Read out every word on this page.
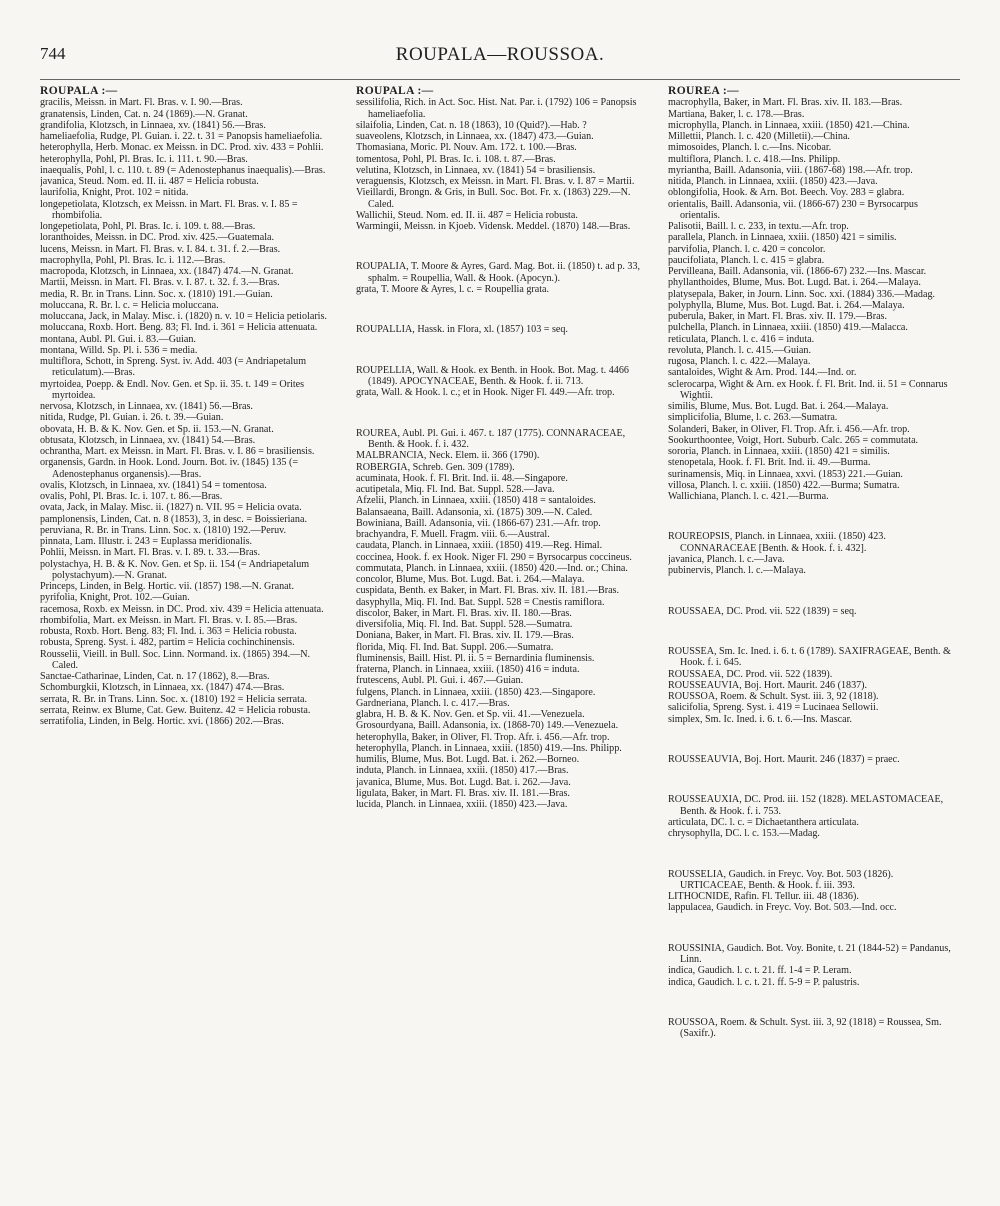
744	ROUPALA—ROUSSOA.

ROUPALA :—

gracilis, Meissn. in Mart. Fl. Bras. v. I. 90.—Bras.

granatensis, Linden, Cat. n. 24 (1869).—N. Granat.

grandifolia, Klotzsch, in Linnaea, xv. (1841) 56.—Bras.

hameliaefolia, Rudge, Pl. Guian. i. 22. t. 31 = Panopsis hameliaefolia.

heterophylla, Herb. Monac. ex Meissn. in DC. Prod. xiv. 433 = Pohlii.

heterophylla, Pohl, Pl. Bras. Ic. i. 111. t. 90.—Bras.

inaequalis, Pohl, l. c. 110. t. 89 (= Adenostephanus inaequalis).—Bras.

javanica, Steud. Nom. ed. II. ii. 487 = Helicia robusta.

laurifolia, Knight, Prot. 102 = nitida.

longepetiolata, Klotzsch, ex Meissn. in Mart. Fl. Bras. v. I. 85 = rhombifolia.

longepetiolata, Pohl, Pl. Bras. Ic. i. 109. t. 88.—Bras.

loranthoides, Meissn. in DC. Prod. xiv. 425.—Guatemala.

lucens, Meissn. in Mart. Fl. Bras. v. I. 84. t. 31. f. 2.—Bras.

macrophylla, Pohl, Pl. Bras. Ic. i. 112.—Bras.

macropoda, Klotzsch, in Linnaea, xx. (1847) 474.—N. Granat.

Martii, Meissn. in Mart. Fl. Bras. v. I. 87. t. 32. f. 3.—Bras.

media, R. Br. in Trans. Linn. Soc. x. (1810) 191.—Guian.

moluccana, R. Br. l. c. = Helicia moluccana.

moluccana, Jack, in Malay. Misc. i. (1820) n. v. 10 = Helicia petiolaris.

moluccana, Roxb. Hort. Beng. 83; Fl. Ind. i. 361 = Helicia attenuata.

montana, Aubl. Pl. Gui. i. 83.—Guian.

montana, Willd. Sp. Pl. i. 536 = media.

multiflora, Schott, in Spreng. Syst. iv. Add. 403 (= Andriapetalum reticulatum).—Bras.

myrtoidea, Poepp. & Endl. Nov. Gen. et Sp. ii. 35. t. 149 = Orites myrtoidea.

nervosa, Klotzsch, in Linnaea, xv. (1841) 56.—Bras.

nitida, Rudge, Pl. Guian. i. 26. t. 39.—Guian.

obovata, H. B. & K. Nov. Gen. et Sp. ii. 153.—N. Granat.

obtusata, Klotzsch, in Linnaea, xv. (1841) 54.—Bras.

ochrantha, Mart. ex Meissn. in Mart. Fl. Bras. v. I. 86 = brasiliensis.

organensis, Gardn. in Hook. Lond. Journ. Bot. iv. (1845) 135 (= Adenostephanus organensis).—Bras.

ovalis, Klotzsch, in Linnaea, xv. (1841) 54 = tomentosa.

ovalis, Pohl, Pl. Bras. Ic. i. 107. t. 86.—Bras.

ovata, Jack, in Malay. Misc. ii. (1827) n. VII. 95 = Helicia ovata.

pamplonensis, Linden, Cat. n. 8 (1853), 3, in desc. = Boissieriana.

peruviana, R. Br. in Trans. Linn. Soc. x. (1810) 192.—Peruv.

pinnata, Lam. Illustr. i. 243 = Euplassa meridionalis.

Pohlii, Meissn. in Mart. Fl. Bras. v. I. 89. t. 33.—Bras.

polystachya, H. B. & K. Nov. Gen. et Sp. ii. 154 (= Andriapetalum polystachyum).—N. Granat.

Princeps, Linden, in Belg. Hortic. vii. (1857) 198.—N. Granat.

pyrifolia, Knight, Prot. 102.—Guian.

racemosa, Roxb. ex Meissn. in DC. Prod. xiv. 439 = Helicia attenuata.

rhombifolia, Mart. ex Meissn. in Mart. Fl. Bras. v. I. 85.—Bras.

robusta, Roxb. Hort. Beng. 83; Fl. Ind. i. 363 = Helicia robusta.

robusta, Spreng. Syst. i. 482, partim = Helicia cochinchinensis.

Rousselii, Vieill. in Bull. Soc. Linn. Normand. ix. (1865) 394.—N. Caled.

Sanctae-Catharinae, Linden, Cat. n. 17 (1862), 8.—Bras.

Schomburgkii, Klotzsch, in Linnaea, xx. (1847) 474.—Bras.

serrata, R. Br. in Trans. Linn. Soc. x. (1810) 192 = Helicia serrata.

serrata, Reinw. ex Blume, Cat. Gew. Buitenz. 42 = Helicia robusta.

serratifolia, Linden, in Belg. Hortic. xvi. (1866) 202.—Bras.

ROUPALA :—

sessilifolia, Rich. in Act. Soc. Hist. Nat. Par. i. (1792) 106 = Panopsis hameliaefolia.

silaifolia, Linden, Cat. n. 18 (1863), 10 (Quid?).—Hab. ?

suaveolens, Klotzsch, in Linnaea, xx. (1847) 473.—Guian.

Thomasiana, Moric. Pl. Nouv. Am. 172. t. 100.—Bras.

tomentosa, Pohl, Pl. Bras. Ic. i. 108. t. 87.—Bras.

velutina, Klotzsch, in Linnaea, xv. (1841) 54 = brasiliensis.

veraguensis, Klotzsch, ex Meissn. in Mart. Fl. Bras. v. I. 87 = Martii.

Vieillardi, Brongn. & Gris, in Bull. Soc. Bot. Fr. x. (1863) 229.—N. Caled.

Wallichii, Steud. Nom. ed. II. ii. 487 = Helicia robusta.

Warmingii, Meissn. in Kjoeb. Vidensk. Meddel. (1870) 148.—Bras.

ROUPALIA, T. Moore & Ayres, Gard. Mag. Bot. ii. (1850) t. ad p. 33, sphalm. = Roupellia, Wall. & Hook. (Apocyn.).

grata, T. Moore & Ayres, l. c. = Roupellia grata.

ROUPALLIA, Hassk. in Flora, xl. (1857) 103 = seq.

ROUPELLIA, Wall. & Hook. ex Benth. in Hook. Bot. Mag. t. 4466 (1849). APOCYNACEAE, Benth. & Hook. f. ii. 713.

grata, Wall. & Hook. l. c.; et in Hook. Niger Fl. 449.—Afr. trop.

ROUREA, Aubl. Pl. Gui. i. 467. t. 187 (1775). CONNARACEAE, Benth. & Hook. f. i. 432.

MALBRANCIA, Neck. Elem. ii. 366 (1790).

ROBERGIA, Schreb. Gen. 309 (1789).

acuminata, Hook. f. Fl. Brit. Ind. ii. 48.—Singapore.

acutipetala, Miq. Fl. Ind. Bat. Suppl. 528.—Java.

Afzelii, Planch. in Linnaea, xxiii. (1850) 418 = santaloides.

Balansaeana, Baill. Adansonia, xi. (1875) 309.—N. Caled.

Bowiniana, Baill. Adansonia, vii. (1866-67) 231.—Afr. trop.

brachyandra, F. Muell. Fragm. viii. 6.—Austral.

caudata, Planch. in Linnaea, xxiii. (1850) 419.—Reg. Himal.

coccinea, Hook. f. ex Hook. Niger Fl. 290 = Byrsocarpus coccineus.

commutata, Planch. in Linnaea, xxiii. (1850) 420.—Ind. or.; China.

concolor, Blume, Mus. Bot. Lugd. Bat. i. 264.—Malaya.

cuspidata, Benth. ex Baker, in Mart. Fl. Bras. xiv. II. 181.—Bras.

dasyphylla, Miq. Fl. Ind. Bat. Suppl. 528 = Cnestis ramiflora.

discolor, Baker, in Mart. Fl. Bras. xiv. II. 180.—Bras.

diversifolia, Miq. Fl. Ind. Bat. Suppl. 528.—Sumatra.

Doniana, Baker, in Mart. Fl. Bras. xiv. II. 179.—Bras.

florida, Miq. Fl. Ind. Bat. Suppl. 206.—Sumatra.

fluminensis, Baill. Hist. Pl. ii. 5 = Bernardinia fluminensis.

fraterna, Planch. in Linnaea, xxiii. (1850) 416 = induta.

frutescens, Aubl. Pl. Gui. i. 467.—Guian.

fulgens, Planch. in Linnaea, xxiii. (1850) 423.—Singapore.

Gardneriana, Planch. l. c. 417.—Bras.

glabra, H. B. & K. Nov. Gen. et Sp. vii. 41.—Venezuela.

Grosourdyana, Baill. Adansonia, ix. (1868-70) 149.—Venezuela.

heterophylla, Baker, in Oliver, Fl. Trop. Afr. i. 456.—Afr. trop.

heterophylla, Planch. in Linnaea, xxiii. (1850) 419.—Ins. Philipp.

humilis, Blume, Mus. Bot. Lugd. Bat. i. 262.—Borneo.

induta, Planch. in Linnaea, xxiii. (1850) 417.—Bras.

javanica, Blume, Mus. Bot. Lugd. Bat. i. 262.—Java.

ligulata, Baker, in Mart. Fl. Bras. xiv. II. 181.—Bras.

lucida, Planch. in Linnaea, xxiii. (1850) 423.—Java.

ROUREA :—

macrophylla, Baker, in Mart. Fl. Bras. xiv. II. 183.—Bras.

Martiana, Baker, l. c. 178.—Bras.

microphylla, Planch. in Linnaea, xxiii. (1850) 421.—China.

Millettii, Planch. l. c. 420 (Milletii).—China.

mimosoides, Planch. l. c.—Ins. Nicobar.

multiflora, Planch. l. c. 418.—Ins. Philipp.

myriantha, Baill. Adansonia, viii. (1867-68) 198.—Afr. trop.

nitida, Planch. in Linnaea, xxiii. (1850) 423.—Java.

oblongifolia, Hook. & Arn. Bot. Beech. Voy. 283 = glabra.

orientalis, Baill. Adansonia, vii. (1866-67) 230 = Byrsocarpus orientalis.

Palisotii, Baill. l. c. 233, in textu.—Afr. trop.

parallela, Planch. in Linnaea, xxiii. (1850) 421 = similis.

parvifolia, Planch. l. c. 420 = concolor.

paucifoliata, Planch. l. c. 415 = glabra.

Pervilleana, Baill. Adansonia, vii. (1866-67) 232.—Ins. Mascar.

phyllanthoides, Blume, Mus. Bot. Lugd. Bat. i. 264.—Malaya.

platysepala, Baker, in Journ. Linn. Soc. xxi. (1884) 336.—Madag.

polyphylla, Blume, Mus. Bot. Lugd. Bat. i. 264.—Malaya.

puberula, Baker, in Mart. Fl. Bras. xiv. II. 179.—Bras.

pulchella, Planch. in Linnaea, xxiii. (1850) 419.—Malacca.

reticulata, Planch. l. c. 416 = induta.

revoluta, Planch. l. c. 415.—Guian.

rugosa, Planch. l. c. 422.—Malaya.

santaloides, Wight & Arn. Prod. 144.—Ind. or.

sclerocarpa, Wight & Arn. ex Hook. f. Fl. Brit. Ind. ii. 51 = Connarus Wightii.

similis, Blume, Mus. Bot. Lugd. Bat. i. 264.—Malaya.

simplicifolia, Blume, l. c. 263.—Sumatra.

Solanderi, Baker, in Oliver, Fl. Trop. Afr. i. 456.—Afr. trop.

Sookurthoontee, Voigt, Hort. Suburb. Calc. 265 = commutata.

sororia, Planch. in Linnaea, xxiii. (1850) 421 = similis.

stenopetala, Hook. f. Fl. Brit. Ind. ii. 49.—Burma.

surinamensis, Miq. in Linnaea, xxvi. (1853) 221.—Guian.

villosa, Planch. l. c. xxiii. (1850) 422.—Burma; Sumatra.

Wallichiana, Planch. l. c. 421.—Burma.

ROUREOPSIS, Planch. in Linnaea, xxiii. (1850) 423. CONNARACEAE [Benth. & Hook. f. i. 432].

javanica, Planch. l. c.—Java.

pubinervis, Planch. l. c.—Malaya.

ROUSSAEA, DC. Prod. vii. 522 (1839) = seq.

ROUSSEA, Sm. Ic. Ined. i. 6. t. 6 (1789). SAXIFRAGEAE, Benth. & Hook. f. i. 645.

ROUSSAEA, DC. Prod. vii. 522 (1839).

ROUSSEAUVIA, Boj. Hort. Maurit. 246 (1837).

ROUSSOA, Roem. & Schult. Syst. iii. 3, 92 (1818).

salicifolia, Spreng. Syst. i. 419 = Lucinaea Sellowii.

simplex, Sm. Ic. Ined. i. 6. t. 6.—Ins. Mascar.

ROUSSEAUVIA, Boj. Hort. Maurit. 246 (1837) = praec.

ROUSSEAUXIA, DC. Prod. iii. 152 (1828). MELASTOMACEAE, Benth. & Hook. f. i. 753.

articulata, DC. l. c. = Dichaetanthera articulata.

chrysophylla, DC. l. c. 153.—Madag.

ROUSSELIA, Gaudich. in Freyc. Voy. Bot. 503 (1826). URTICACEAE, Benth. & Hook. f. iii. 393.

LITHOCNIDE, Rafin. Fl. Tellur. iii. 48 (1836).

lappulacea, Gaudich. in Freyc. Voy. Bot. 503.—Ind. occ.

ROUSSINIA, Gaudich. Bot. Voy. Bonite, t. 21 (1844-52) = Pandanus, Linn.

indica, Gaudich. l. c. t. 21. ff. 1-4 = P. Leram.

indica, Gaudich. l. c. t. 21. ff. 5-9 = P. palustris.

ROUSSOA, Roem. & Schult. Syst. iii. 3, 92 (1818) = Roussea, Sm. (Saxifr.).
